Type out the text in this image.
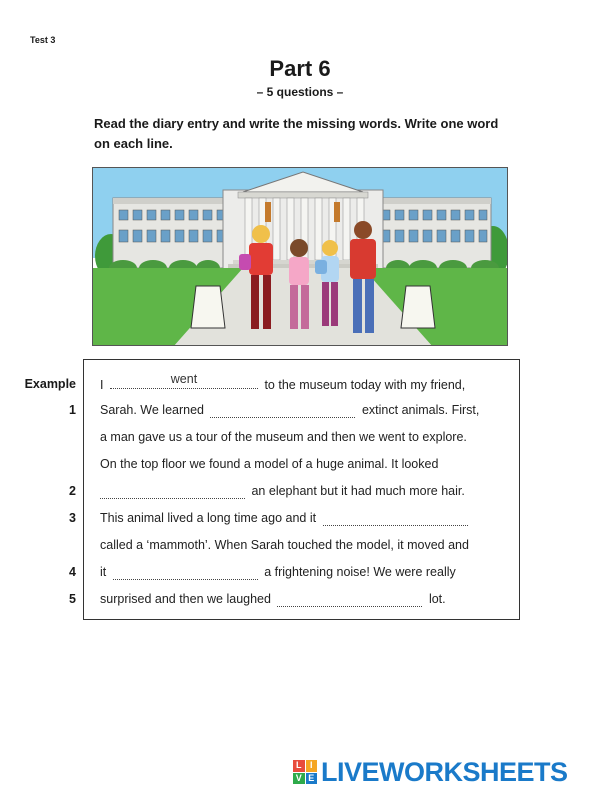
Test 3
Part 6
– 5 questions –
Read the diary entry and write the missing words. Write one word on each line.
Example I	went	to the museum today with my friend,
1 Sarah. We learned	extinct animals. First,
a man gave us a tour of the museum and then we went to explore.
On the top floor we found a model of a huge animal. It looked
2	an elephant but it had much more hair.
3 This animal lived a long time ago and it
called a ‘mammoth’. When Sarah touched the model, it moved and
4 it	a frightening noise! We were really
5 surprised and then we laughed	lot.
L I
V E LIVEWORKSHEETS
